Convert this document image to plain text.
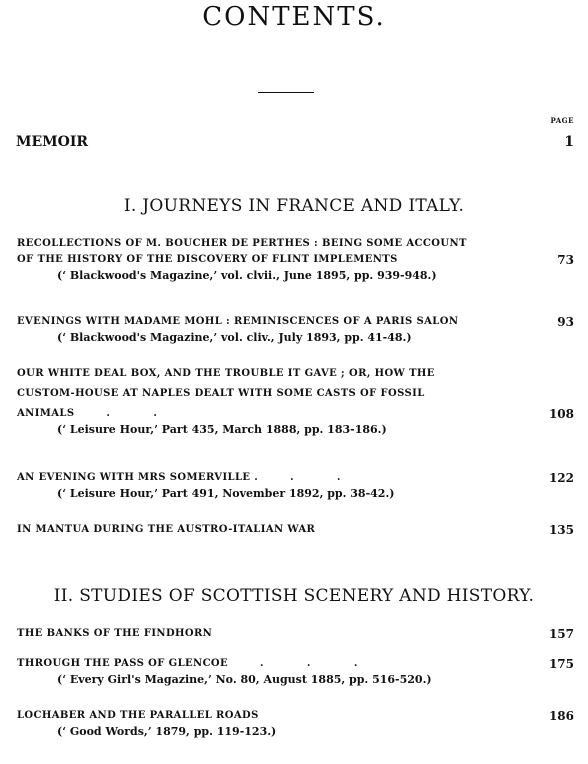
CONTENTS.
PAGE
MEMOIR	1
I. JOURNEYS IN FRANCE AND ITALY.
RECOLLECTIONS OF M. BOUCHER DE PERTHES : BEING SOME ACCOUNT
OF THE HISTORY OF THE DISCOVERY OF FLINT IMPLEMENTS	73
(‘ Blackwood's Magazine,’ vol. clvii., June 1895, pp. 939-948.)
EVENINGS WITH MADAME MOHL : REMINISCENCES OF A PARIS SALON	93
(‘ Blackwood's Magazine,’ vol. cliv., July 1893, pp. 41-48.)
OUR WHITE DEAL BOX, AND THE TROUBLE IT GAVE ; OR, HOW THE
CUSTOM-HOUSE AT NAPLES DEALT WITH SOME CASTS OF FOSSIL
ANIMALS	. .	108
(‘ Leisure Hour,’ Part 435, March 1888, pp. 183-186.)
AN EVENING WITH MRS SOMERVILLE .	. .	122
(‘ Leisure Hour,’ Part 491, November 1892, pp. 38-42.)
IN MANTUA DURING THE AUSTRO-ITALIAN WAR	135
II. STUDIES OF SCOTTISH SCENERY AND HISTORY.
THE BANKS OF THE FINDHORN	157
THROUGH THE PASS OF GLENCOE	. . .	175
(‘ Every Girl's Magazine,’ No. 80, August 1885, pp. 516-520.)
LOCHABER AND THE PARALLEL ROADS	186
(‘ Good Words,’ 1879, pp. 119-123.)
